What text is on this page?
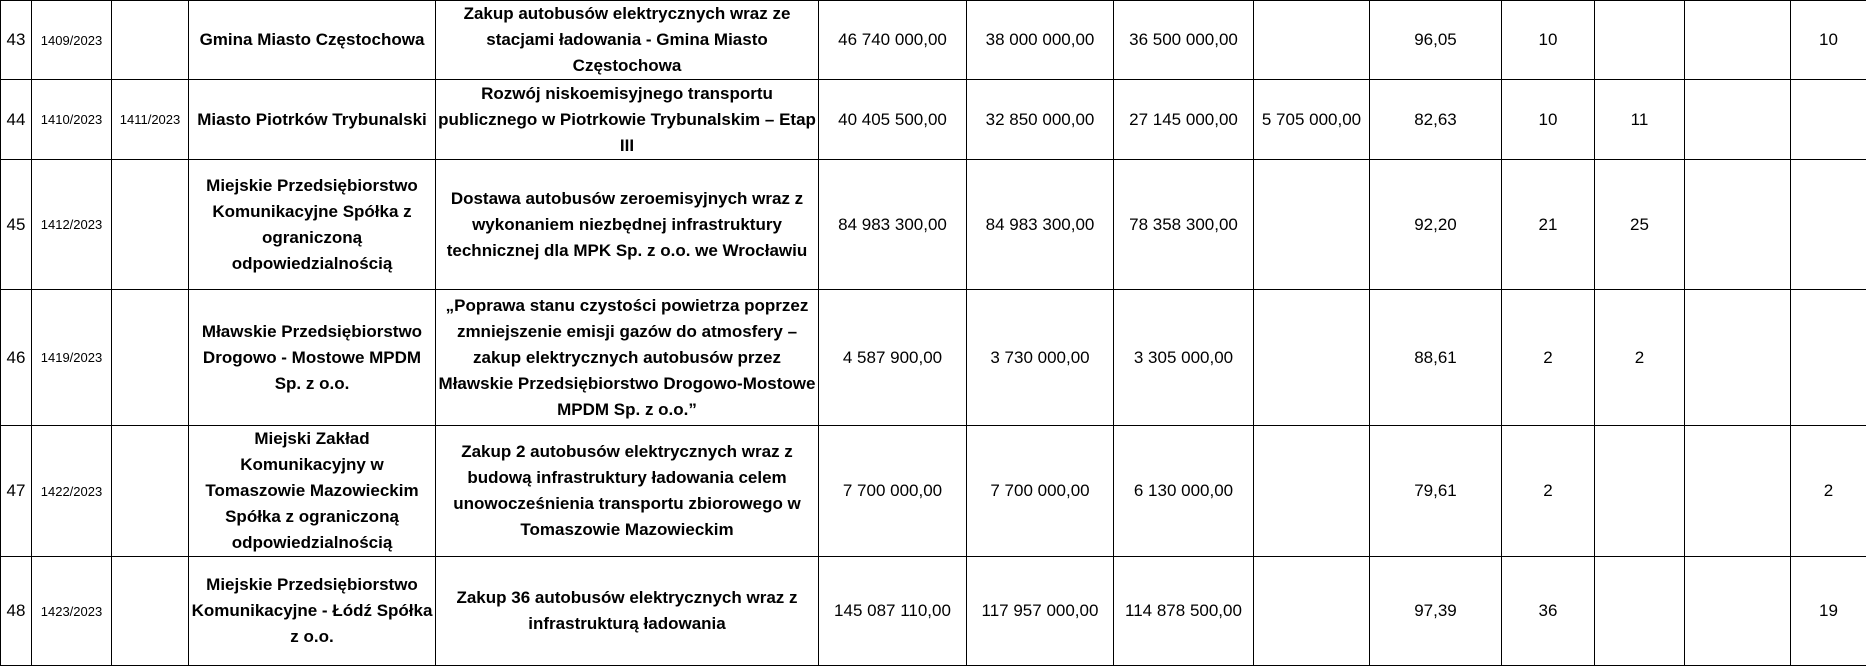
43	1409/2023		Gmina Miasto Częstochowa	Zakup autobusów elektrycznych wraz ze stacjami ładowania - Gmina Miasto Częstochowa	46 740 000,00	38 000 000,00	36 500 000,00		96,05	10			10
44	1410/2023	1411/2023	Miasto Piotrków Trybunalski	Rozwój niskoemisyjnego transportu publicznego w Piotrkowie Trybunalskim – Etap III	40 405 500,00	32 850 000,00	27 145 000,00	5 705 000,00	82,63	10	11		
45	1412/2023		Miejskie Przedsiębiorstwo Komunikacyjne Spółka z ograniczoną odpowiedzialnością	Dostawa autobusów zeroemisyjnych wraz z wykonaniem niezbędnej infrastruktury technicznej dla MPK Sp. z o.o. we Wrocławiu	84 983 300,00	84 983 300,00	78 358 300,00		92,20	21	25		
46	1419/2023		Mławskie Przedsiębiorstwo Drogowo - Mostowe MPDM Sp. z o.o.	„Poprawa stanu czystości powietrza poprzez zmniejszenie emisji gazów do atmosfery – zakup elektrycznych autobusów przez Mławskie Przedsiębiorstwo Drogowo-Mostowe MPDM Sp. z o.o.”	4 587 900,00	3 730 000,00	3 305 000,00		88,61	2	2		
47	1422/2023		Miejski Zakład Komunikacyjny w Tomaszowie Mazowieckim Spółka z ograniczoną odpowiedzialnością	Zakup 2 autobusów elektrycznych wraz z budową infrastruktury ładowania celem unowocześnienia transportu zbiorowego w Tomaszowie Mazowieckim	7 700 000,00	7 700 000,00	6 130 000,00		79,61	2			2
48	1423/2023		Miejskie Przedsiębiorstwo Komunikacyjne - Łódź Spółka z o.o.	Zakup 36 autobusów elektrycznych wraz z infrastrukturą ładowania	145 087 110,00	117 957 000,00	114 878 500,00		97,39	36			19
